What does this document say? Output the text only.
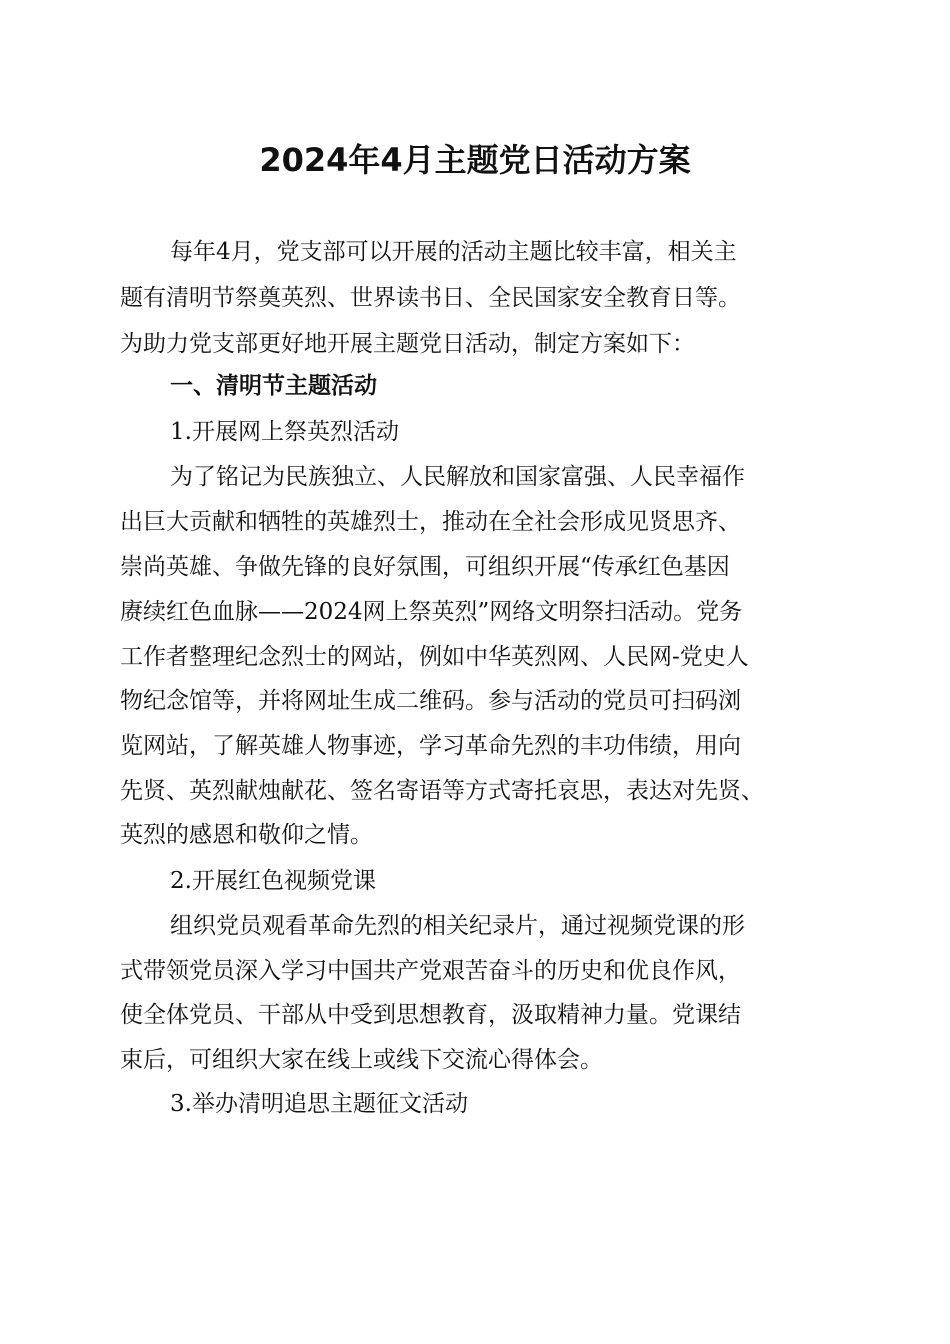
2024年4月主题党日活动方案
每年4月，党支部可以开展的活动主题比较丰富，相关主
题有清明节祭奠英烈、世界读书日、全民国家安全教育日等。
为助力党支部更好地开展主题党日活动，制定方案如下：
一、清明节主题活动
1.开展网上祭英烈活动
为了铭记为民族独立、人民解放和国家富强、人民幸福作
出巨大贡献和牺牲的英雄烈士，推动在全社会形成见贤思齐、
崇尚英雄、争做先锋的良好氛围，可组织开展“传承红色基因
赓续红色血脉——2024网上祭英烈”网络文明祭扫活动。党务
工作者整理纪念烈士的网站，例如中华英烈网、人民网-党史人
物纪念馆等，并将网址生成二维码。参与活动的党员可扫码浏
览网站，了解英雄人物事迹，学习革命先烈的丰功伟绩，用向
先贤、英烈献烛献花、签名寄语等方式寄托哀思，表达对先贤、
英烈的感恩和敬仰之情。
2.开展红色视频党课
组织党员观看革命先烈的相关纪录片，通过视频党课的形
式带领党员深入学习中国共产党艰苦奋斗的历史和优良作风，
使全体党员、干部从中受到思想教育，汲取精神力量。党课结
束后，可组织大家在线上或线下交流心得体会。
3.举办清明追思主题征文活动
